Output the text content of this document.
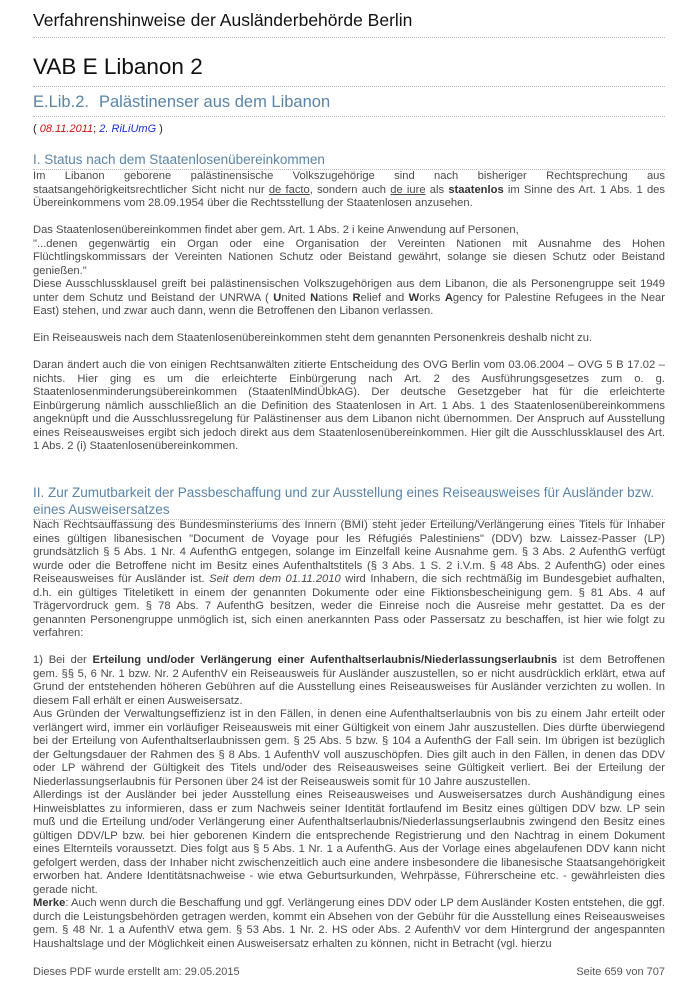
Verfahrenshinweise der Ausländerbehörde Berlin
VAB E Libanon 2
E.Lib.2. Palästinenser aus dem Libanon
( 08.11.2011; 2. RiLiUmG )
I. Status nach dem Staatenlosenübereinkommen

Im Libanon geborene palästinensische Volkszugehörige sind nach bisheriger Rechtsprechung aus staatsangehörigkeitsrechtlicher Sicht nicht nur de facto, sondern auch de iure als staatenlos im Sinne des Art. 1 Abs. 1 des Übereinkommens vom 28.09.1954 über die Rechtsstellung der Staatenlosen anzusehen.

Das Staatenlosenübereinkommen findet aber gem. Art. 1 Abs. 2 i keine Anwendung auf Personen,

"...denen gegenwärtig ein Organ oder eine Organisation der Vereinten Nationen mit Ausnahme des Hohen Flüchtlingskommissars der Vereinten Nationen Schutz oder Beistand gewährt, solange sie diesen Schutz oder Beistand genießen."

Diese Ausschlussklausel greift bei palästinensischen Volkszugehörigen aus dem Libanon, die als Personengruppe seit 1949 unter dem Schutz und Beistand der UNRWA ( United Nations Relief and Works Agency for Palestine Refugees in the Near East) stehen, und zwar auch dann, wenn die Betroffenen den Libanon verlassen.

Ein Reiseausweis nach dem Staatenlosenübereinkommen steht dem genannten Personenkreis deshalb nicht zu.

Daran ändert auch die von einigen Rechtsanwälten zitierte Entscheidung des OVG Berlin vom 03.06.2004 – OVG 5 B 17.02 – nichts. Hier ging es um die erleichterte Einbürgerung nach Art. 2 des Ausführungsgesetzes zum o. g. Staatenlosenminderungsübereinkommen (StaatenlMindÜbkAG). Der deutsche Gesetzgeber hat für die erleichterte Einbürgerung nämlich ausschließlich an die Definition des Staatenlosen in Art. 1 Abs. 1 des Staatenlosenübereinkommens angeknüpft und die Ausschlussregelung für Palästinenser aus dem Libanon nicht übernommen. Der Anspruch auf Ausstellung eines Reiseausweises ergibt sich jedoch direkt aus dem Staatenlosenübereinkommen. Hier gilt die Ausschlussklausel des Art. 1 Abs. 2 (i) Staatenlosenübereinkommen.

II. Zur Zumutbarkeit der Passbeschaffung und zur Ausstellung eines Reiseausweises für Ausländer bzw. eines Ausweisersatzes

Nach Rechtsauffassung des Bundesminsteriums des Innern (BMI) steht jeder Erteilung/Verlängerung eines Titels für Inhaber eines gültigen libanesischen "Document de Voyage pour les Réfugiés Palestiniens" (DDV) bzw. Laissez-Passer (LP) grundsätzlich § 5 Abs. 1 Nr. 4 AufenthG entgegen, solange im Einzelfall keine Ausnahme gem. § 3 Abs. 2 AufenthG verfügt wurde oder die Betroffene nicht im Besitz eines Aufenthaltstitels (§ 3 Abs. 1 S. 2 i.V.m. § 48 Abs. 2 AufenthG) oder eines Reiseausweises für Ausländer ist. Seit dem dem 01.11.2010 wird Inhabern, die sich rechtmäßig im Bundesgebiet aufhalten, d.h. ein gültiges Titeletikett in einem der genannten Dokumente oder eine Fiktionsbescheinigung gem. § 81 Abs. 4 auf Trägervordruck gem. § 78 Abs. 7 AufenthG besitzen, weder die Einreise noch die Ausreise mehr gestattet. Da es der genannten Personengruppe unmöglich ist, sich einen anerkannten Pass oder Passersatz zu beschaffen, ist hier wie folgt zu verfahren:

1) Bei der Erteilung und/oder Verlängerung einer Aufenthaltserlaubnis/Niederlassungserlaubnis ist dem Betroffenen gem. §§ 5, 6 Nr. 1 bzw. Nr. 2 AufenthV ein Reiseausweis für Ausländer auszustellen, so er nicht ausdrücklich erklärt, etwa auf Grund der entstehenden höheren Gebühren auf die Ausstellung eines Reiseausweises für Ausländer verzichten zu wollen. In diesem Fall erhält er einen Ausweisersatz.

Aus Gründen der Verwaltungseffizienz ist in den Fällen, in denen eine Aufenthaltserlaubnis von bis zu einem Jahr erteilt oder verlängert wird, immer ein vorläufiger Reiseausweis mit einer Gültigkeit von einem Jahr auszustellen. Dies dürfte überwiegend bei der Erteilung von Aufenthaltserlaubnissen gem. § 25 Abs. 5 bzw. § 104 a AufenthG der Fall sein. Im übrigen ist bezüglich der Geltungsdauer der Rahmen des § 8 Abs. 1 AufenthV voll auszuschöpfen. Dies gilt auch in den Fällen, in denen das DDV oder LP während der Gültigkeit des Titels und/oder des Reiseausweises seine Gültigkeit verliert. Bei der Erteilung der Niederlassungserlaubnis für Personen über 24 ist der Reiseausweis somit für 10 Jahre auszustellen.

Allerdings ist der Ausländer bei jeder Ausstellung eines Reiseausweises und Ausweisersatzes durch Aushändigung eines Hinweisblattes zu informieren, dass er zum Nachweis seiner Identität fortlaufend im Besitz eines gültigen DDV bzw. LP sein muß und die Erteilung und/oder Verlängerung einer Aufenthaltserlaubnis/Niederlassungserlaubnis zwingend den Besitz eines gültigen DDV/LP bzw. bei hier geborenen Kindern die entsprechende Registrierung und den Nachtrag in einem Dokument eines Elternteils voraussetzt. Dies folgt aus § 5 Abs. 1 Nr. 1 a AufenthG. Aus der Vorlage eines abgelaufenen DDV kann nicht gefolgert werden, dass der Inhaber nicht zwischenzeitlich auch eine andere insbesondere die libanesische Staatsangehörigkeit erworben hat. Andere Identitätsnachweise - wie etwa Geburtsurkunden, Wehrpässe, Führerscheine etc. - gewährleisten dies gerade nicht.

Merke: Auch wenn durch die Beschaffung und ggf. Verlängerung eines DDV oder LP dem Ausländer Kosten entstehen, die ggf. durch die Leistungsbehörden getragen werden, kommt ein Absehen von der Gebühr für die Ausstellung eines Reiseausweises gem. § 48 Nr. 1 a AufenthV etwa gem. § 53 Abs. 1 Nr. 2. HS oder Abs. 2 AufenthV vor dem Hintergrund der angespannten Haushaltslage und der Möglichkeit einen Ausweisersatz erhalten zu können, nicht in Betracht (vgl. hierzu

Dieses PDF wurde erstellt am: 29.05.2015	Seite 659 von 707
